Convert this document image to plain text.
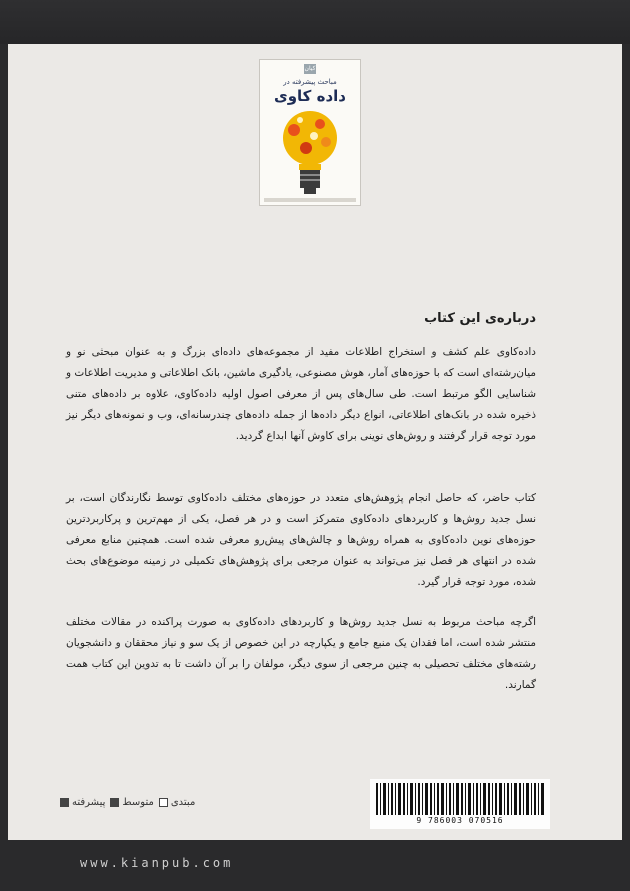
کیان
مباحث پیشرفته در
داده کاوی
درباره‌ی این کتاب

داده‌کاوی علم کشف و استخراج اطلاعات مفید از مجموعه‌های داده‌ای بزرگ و به عنوان مبحثی نو و میان‌رشته‌ای است که با حوزه‌های آمار، هوش مصنوعی، یادگیری ماشین، بانک اطلاعاتی و مدیریت اطلاعات و شناسایی الگو مرتبط است. طی سال‌های پس از معرفی اصول اولیه داده‌کاوی، علاوه بر داده‌های متنی ذخیره شده در بانک‌های اطلاعاتی، انواع دیگر داده‌ها از جمله داده‌های چندرسانه‌ای، وب و نمونه‌های دیگر نیز مورد توجه قرار گرفتند و روش‌های نوینی برای کاوش آنها ابداع گردید.

کتاب حاضر، که حاصل انجام پژوهش‌های متعدد در حوزه‌های مختلف داده‌کاوی توسط نگارندگان است، بر نسل جدید روش‌ها و کاربردهای داده‌کاوی متمرکز است و در هر فصل، یکی از مهم‌ترین و پرکاربردترین حوزه‌های نوین داده‌کاوی به همراه روش‌ها و چالش‌های پیش‌رو معرفی شده است. همچنین منابع معرفی شده در انتهای هر فصل نیز می‌تواند به عنوان مرجعی برای پژوهش‌های تکمیلی در زمینه موضوع‌های بحث شده، مورد توجه قرار گیرد.

اگرچه مباحث مربوط به نسل جدید روش‌ها و کاربردهای داده‌کاوی به صورت پراکنده در مقالات مختلف منتشر شده است، اما فقدان یک منبع جامع و یکپارچه در این خصوص از یک سو و نیاز محققان و دانشجویان رشته‌های مختلف تحصیلی به چنین مرجعی از سوی دیگر، مولفان را بر آن داشت تا به تدوین این کتاب همت گمارند.

مبتدی
متوسط
پیشرفته
9 786003 070516
www.kianpub.com
